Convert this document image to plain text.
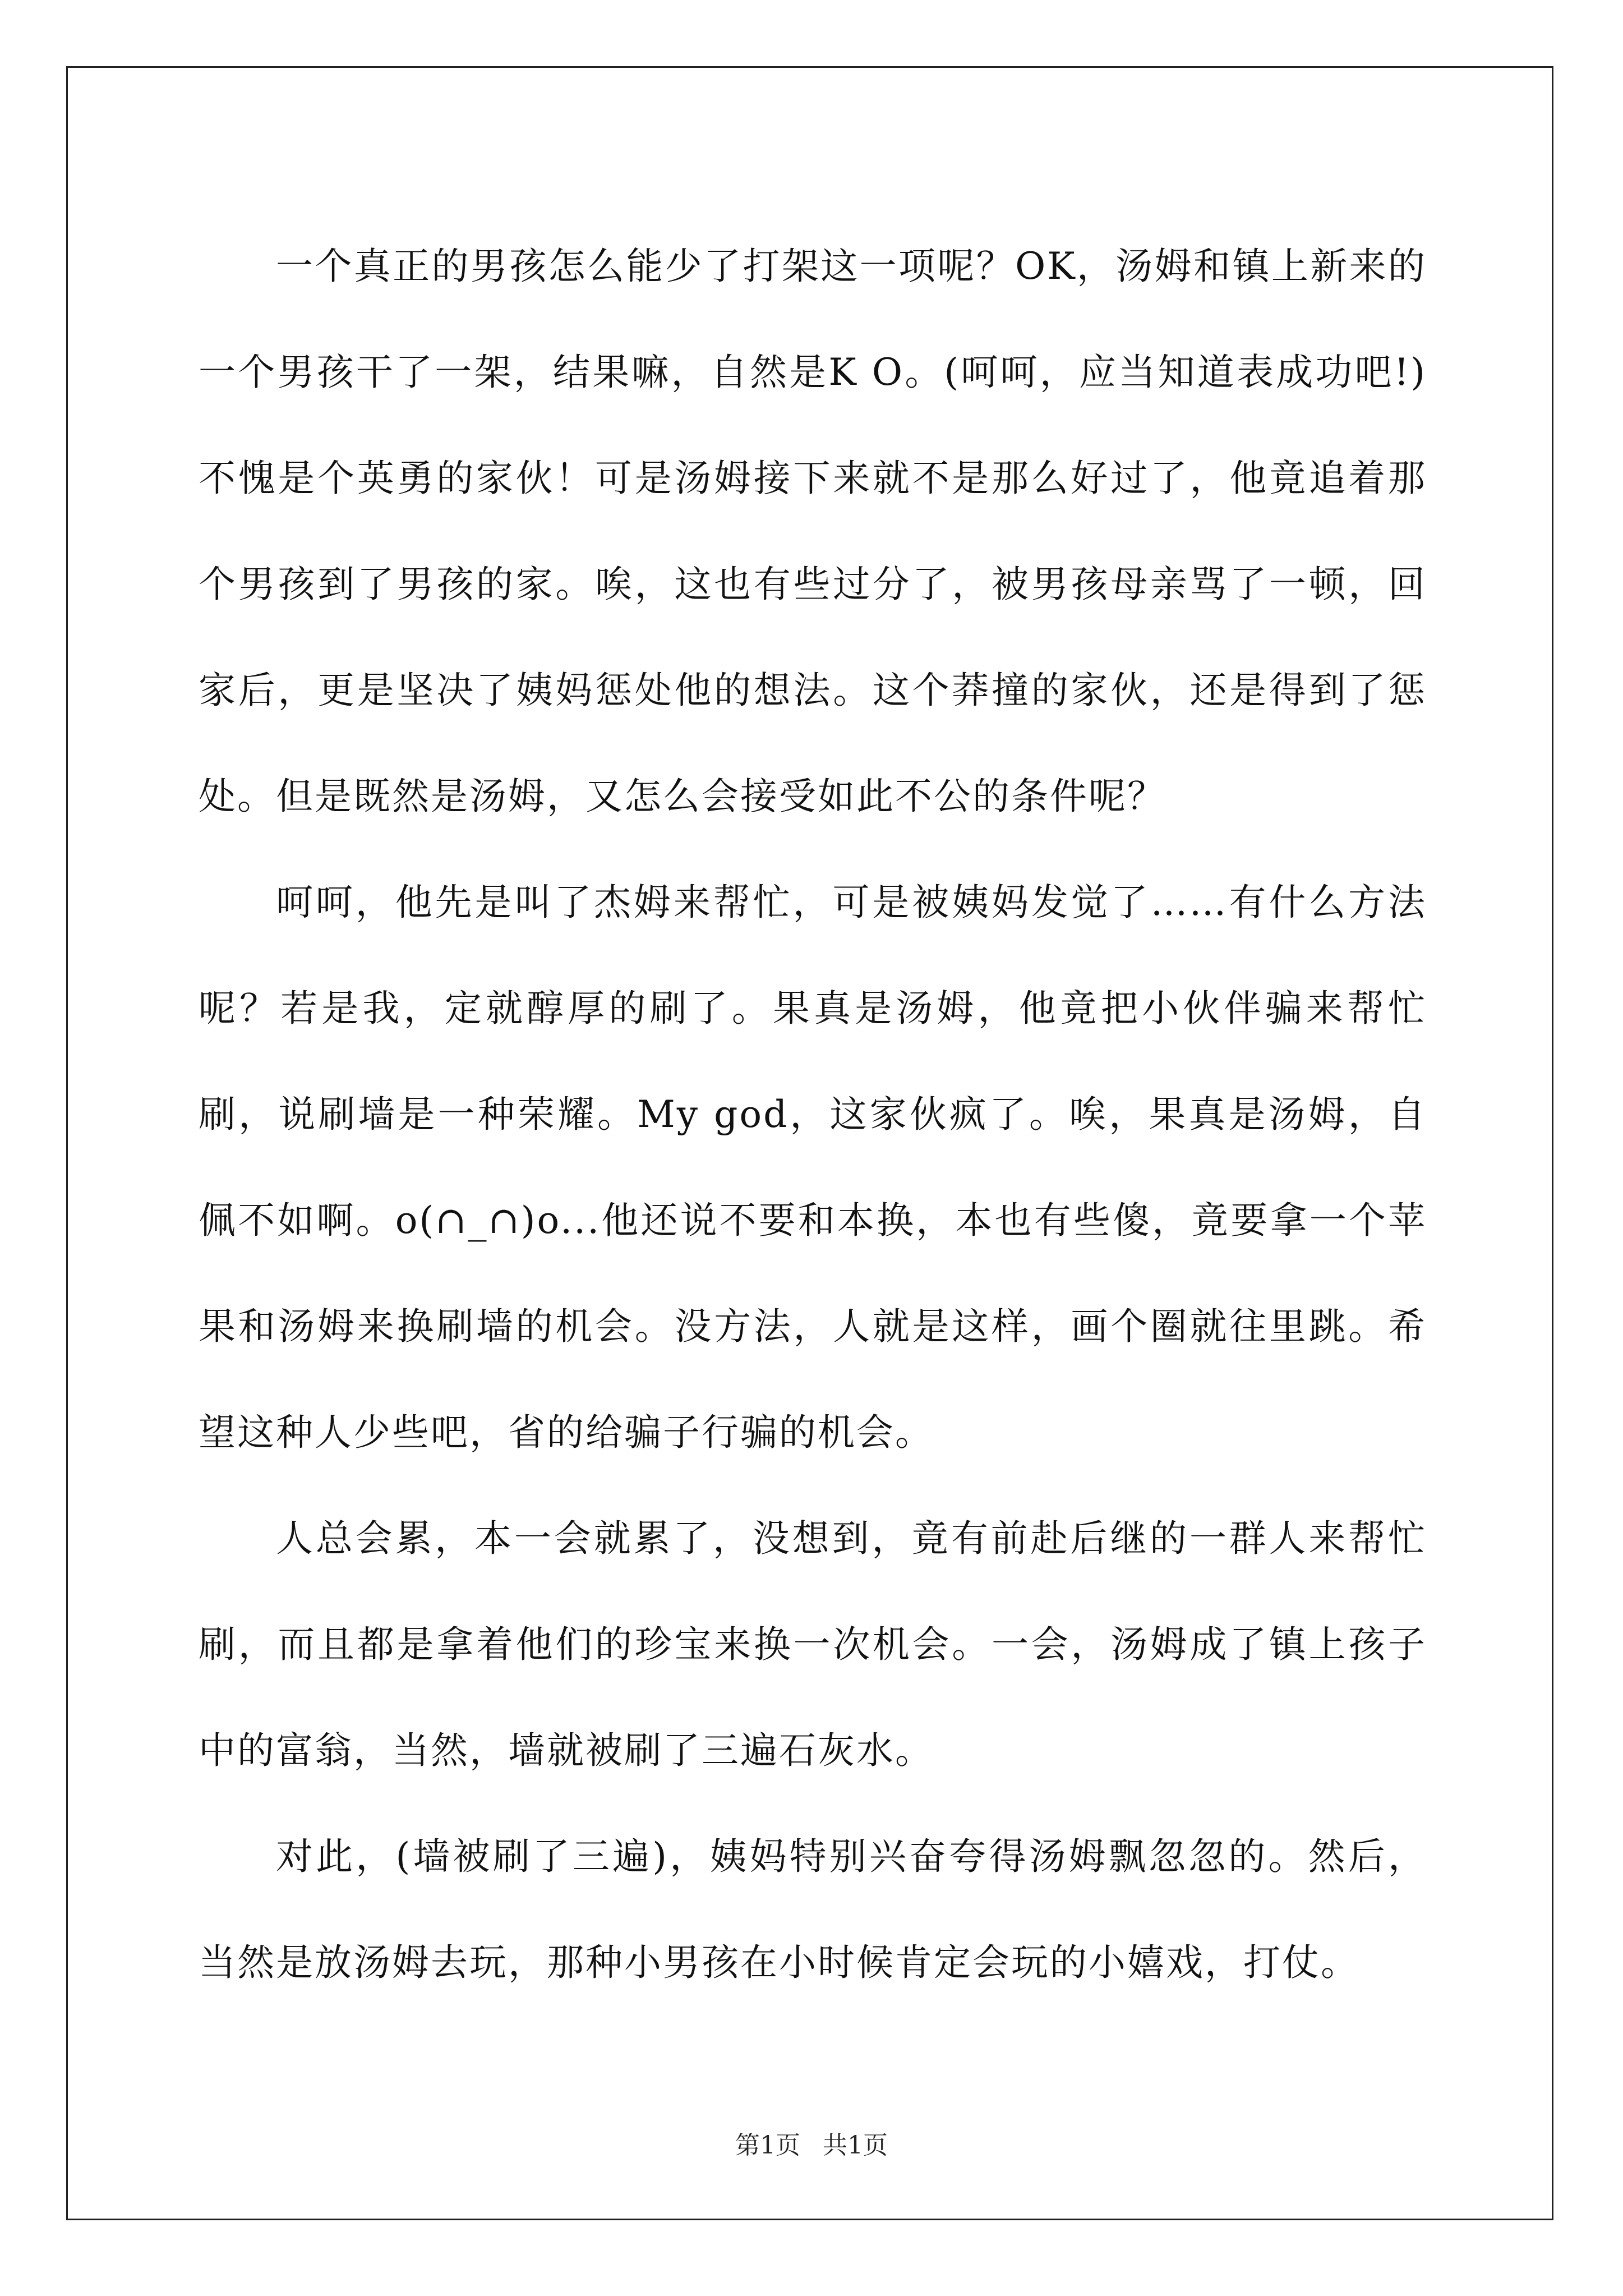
一个真正的男孩怎么能少了打架这一项呢？OK，汤姆和镇上新来的一个男孩干了一架，结果嘛，自然是K O。(呵呵，应当知道表成功吧!)不愧是个英勇的家伙！可是汤姆接下来就不是那么好过了，他竟追着那个男孩到了男孩的家。唉，这也有些过分了，被男孩母亲骂了一顿，回家后，更是坚决了姨妈惩处他的想法。这个莽撞的家伙，还是得到了惩处。但是既然是汤姆，又怎么会接受如此不公的条件呢？

呵呵，他先是叫了杰姆来帮忙，可是被姨妈发觉了……有什么方法呢？若是我，定就醇厚的刷了。果真是汤姆，他竟把小伙伴骗来帮忙刷，说刷墙是一种荣耀。My god，这家伙疯了。唉，果真是汤姆，自佩不如啊。o(∩_∩)o...他还说不要和本换，本也有些傻，竟要拿一个苹果和汤姆来换刷墙的机会。没方法，人就是这样，画个圈就往里跳。希望这种人少些吧，省的给骗子行骗的机会。

人总会累，本一会就累了，没想到，竟有前赴后继的一群人来帮忙刷，而且都是拿着他们的珍宝来换一次机会。一会，汤姆成了镇上孩子中的富翁，当然，墙就被刷了三遍石灰水。

对此，(墙被刷了三遍)，姨妈特别兴奋夸得汤姆飘忽忽的。然后，当然是放汤姆去玩，那种小男孩在小时候肯定会玩的小嬉戏，打仗。

第1页 共1页
